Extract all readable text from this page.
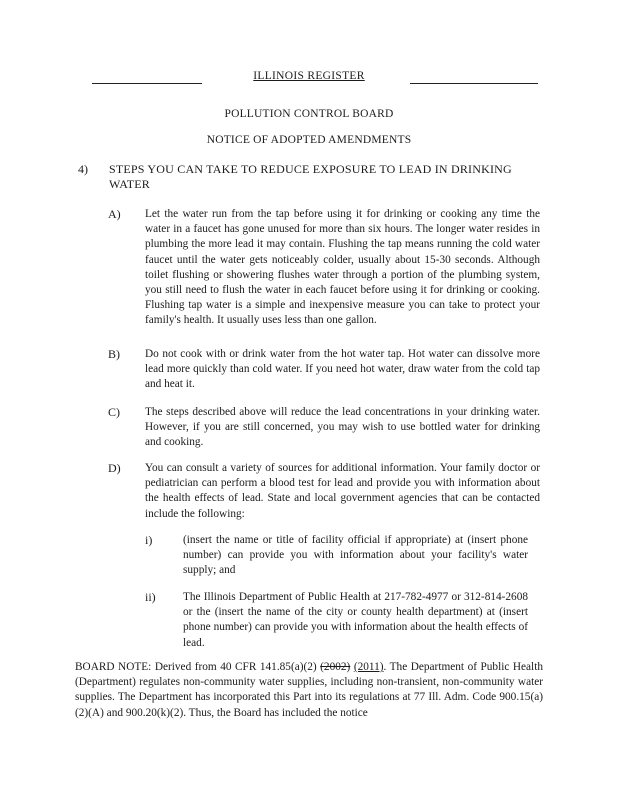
ILLINOIS REGISTER
POLLUTION CONTROL BOARD
NOTICE OF ADOPTED AMENDMENTS
4) STEPS YOU CAN TAKE TO REDUCE EXPOSURE TO LEAD IN DRINKING WATER
A) Let the water run from the tap before using it for drinking or cooking any time the water in a faucet has gone unused for more than six hours. The longer water resides in plumbing the more lead it may contain. Flushing the tap means running the cold water faucet until the water gets noticeably colder, usually about 15-30 seconds. Although toilet flushing or showering flushes water through a portion of the plumbing system, you still need to flush the water in each faucet before using it for drinking or cooking. Flushing tap water is a simple and inexpensive measure you can take to protect your family's health. It usually uses less than one gallon.
B) Do not cook with or drink water from the hot water tap. Hot water can dissolve more lead more quickly than cold water. If you need hot water, draw water from the cold tap and heat it.
C) The steps described above will reduce the lead concentrations in your drinking water. However, if you are still concerned, you may wish to use bottled water for drinking and cooking.
D) You can consult a variety of sources for additional information. Your family doctor or pediatrician can perform a blood test for lead and provide you with information about the health effects of lead. State and local government agencies that can be contacted include the following:
i)	(insert the name or title of facility official if appropriate) at (insert phone number) can provide you with information about your facility's water supply; and
ii) The Illinois Department of Public Health at 217-782-4977 or 312-814-2608 or the (insert the name of the city or county health department) at (insert phone number) can provide you with information about the health effects of lead.
BOARD NOTE: Derived from 40 CFR 141.85(a)(2) (2002) (2011). The Department of Public Health (Department) regulates non-community water supplies, including non-transient, non-community water supplies. The Department has incorporated this Part into its regulations at 77 Ill. Adm. Code 900.15(a)(2)(A) and 900.20(k)(2). Thus, the Board has included the notice
